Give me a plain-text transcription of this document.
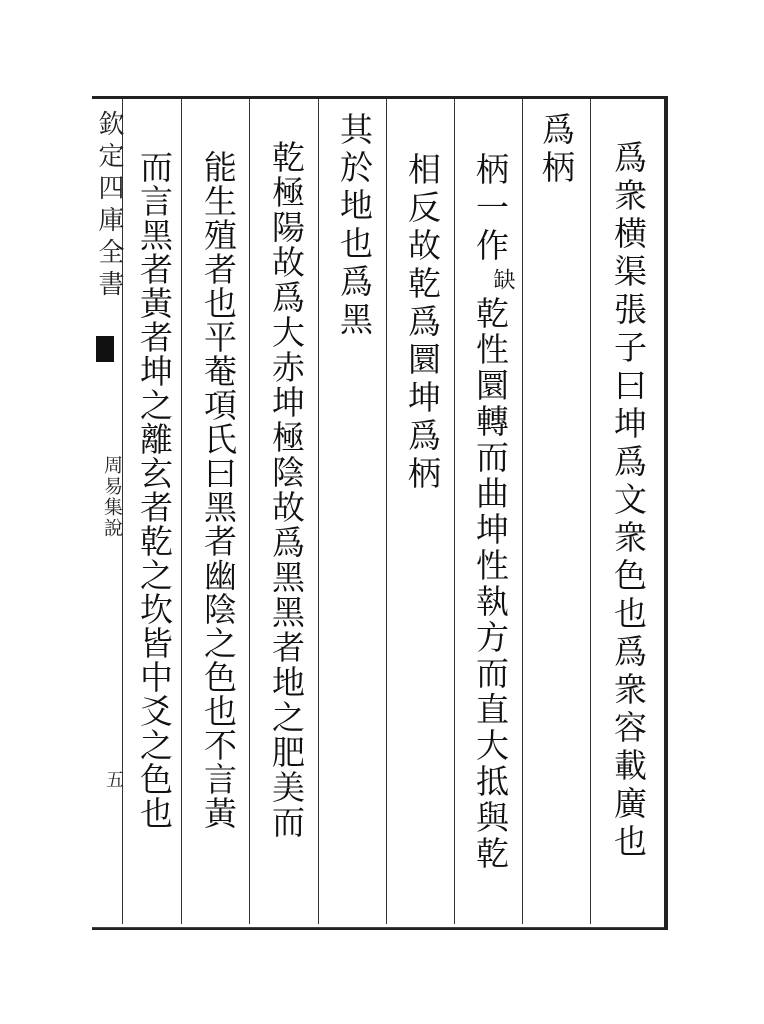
欽定四庫全書
周易集說
五	爲衆横渠張子曰坤爲文衆色也爲衆容載廣也
爲柄
柄一作
缺
乾性圜轉而曲坤性執方而直大抵與乾
相反故乾爲圜坤爲柄
其於地也爲黑
乾極陽故爲大赤坤極陰故爲黑黑者地之肥美而
能生殖者也平菴項氏曰黑者幽陰之色也不言黃
而言黑者黃者坤之離玄者乾之坎皆中爻之色也
